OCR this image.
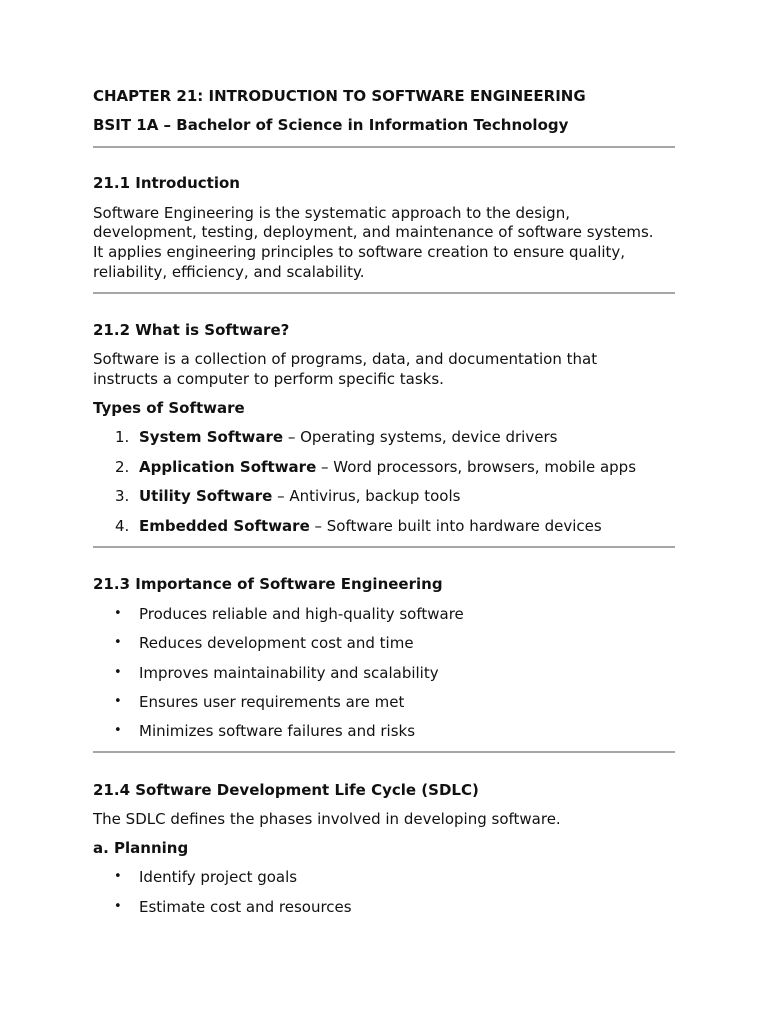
CHAPTER 21: INTRODUCTION TO SOFTWARE ENGINEERING
BSIT 1A – Bachelor of Science in Information Technology
21.1 Introduction
Software Engineering is the systematic approach to the design,
development, testing, deployment, and maintenance of software systems.
It applies engineering principles to software creation to ensure quality,
reliability, efficiency, and scalability.
21.2 What is Software?
Software is a collection of programs, data, and documentation that
instructs a computer to perform specific tasks.
Types of Software
1. System Software – Operating systems, device drivers
2. Application Software – Word processors, browsers, mobile apps
3. Utility Software – Antivirus, backup tools
4. Embedded Software – Software built into hardware devices
21.3 Importance of Software Engineering
• Produces reliable and high-quality software
• Reduces development cost and time
• Improves maintainability and scalability
• Ensures user requirements are met
• Minimizes software failures and risks
21.4 Software Development Life Cycle (SDLC)
The SDLC defines the phases involved in developing software.
a. Planning
• Identify project goals
• Estimate cost and resources
